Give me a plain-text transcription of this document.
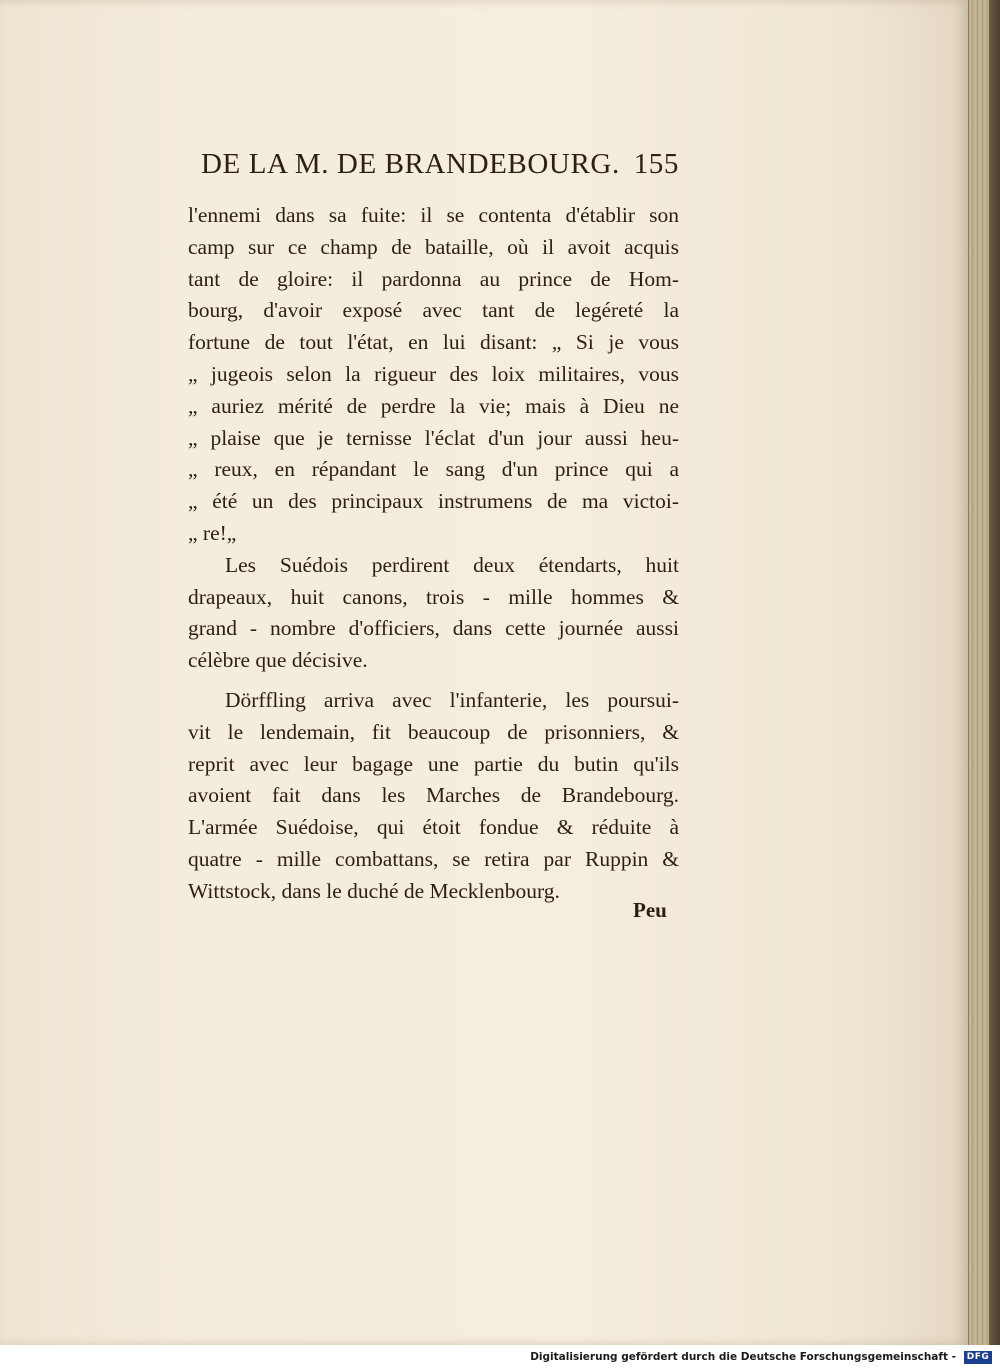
DE LA M. DE BRANDEBOURG. 155
l'ennemi dans sa fuite: il se contenta d'établir son
camp sur ce champ de bataille, où il avoit acquis
tant de gloire: il pardonna au prince de Hom-
bourg, d'avoir exposé avec tant de legéreté la
fortune de tout l'état, en lui disant: „ Si je vous
„ jugeois selon la rigueur des loix militaires, vous
„ auriez mérité de perdre la vie; mais à Dieu ne
„ plaise que je ternisse l'éclat d'un jour aussi heu-
„ reux, en répandant le sang d'un prince qui a
„ été un des principaux instrumens de ma victoi-
„ re!„
Les Suédois perdirent deux étendarts, huit
drapeaux, huit canons, trois - mille hommes &
grand - nombre d'officiers, dans cette journée aussi
célèbre que décisive.
Dörffling arriva avec l'infanterie, les poursui-
vit le lendemain, fit beaucoup de prisonniers, &
reprit avec leur bagage une partie du butin qu'ils
avoient fait dans les Marches de Brandebourg.
L'armée Suédoise, qui étoit fondue & réduite à
quatre - mille combattans, se retira par Ruppin &
Wittstock, dans le duché de Mecklenbourg.
Peu
Digitalisierung gefördert durch die Deutsche Forschungsgemeinschaft -	DFG
